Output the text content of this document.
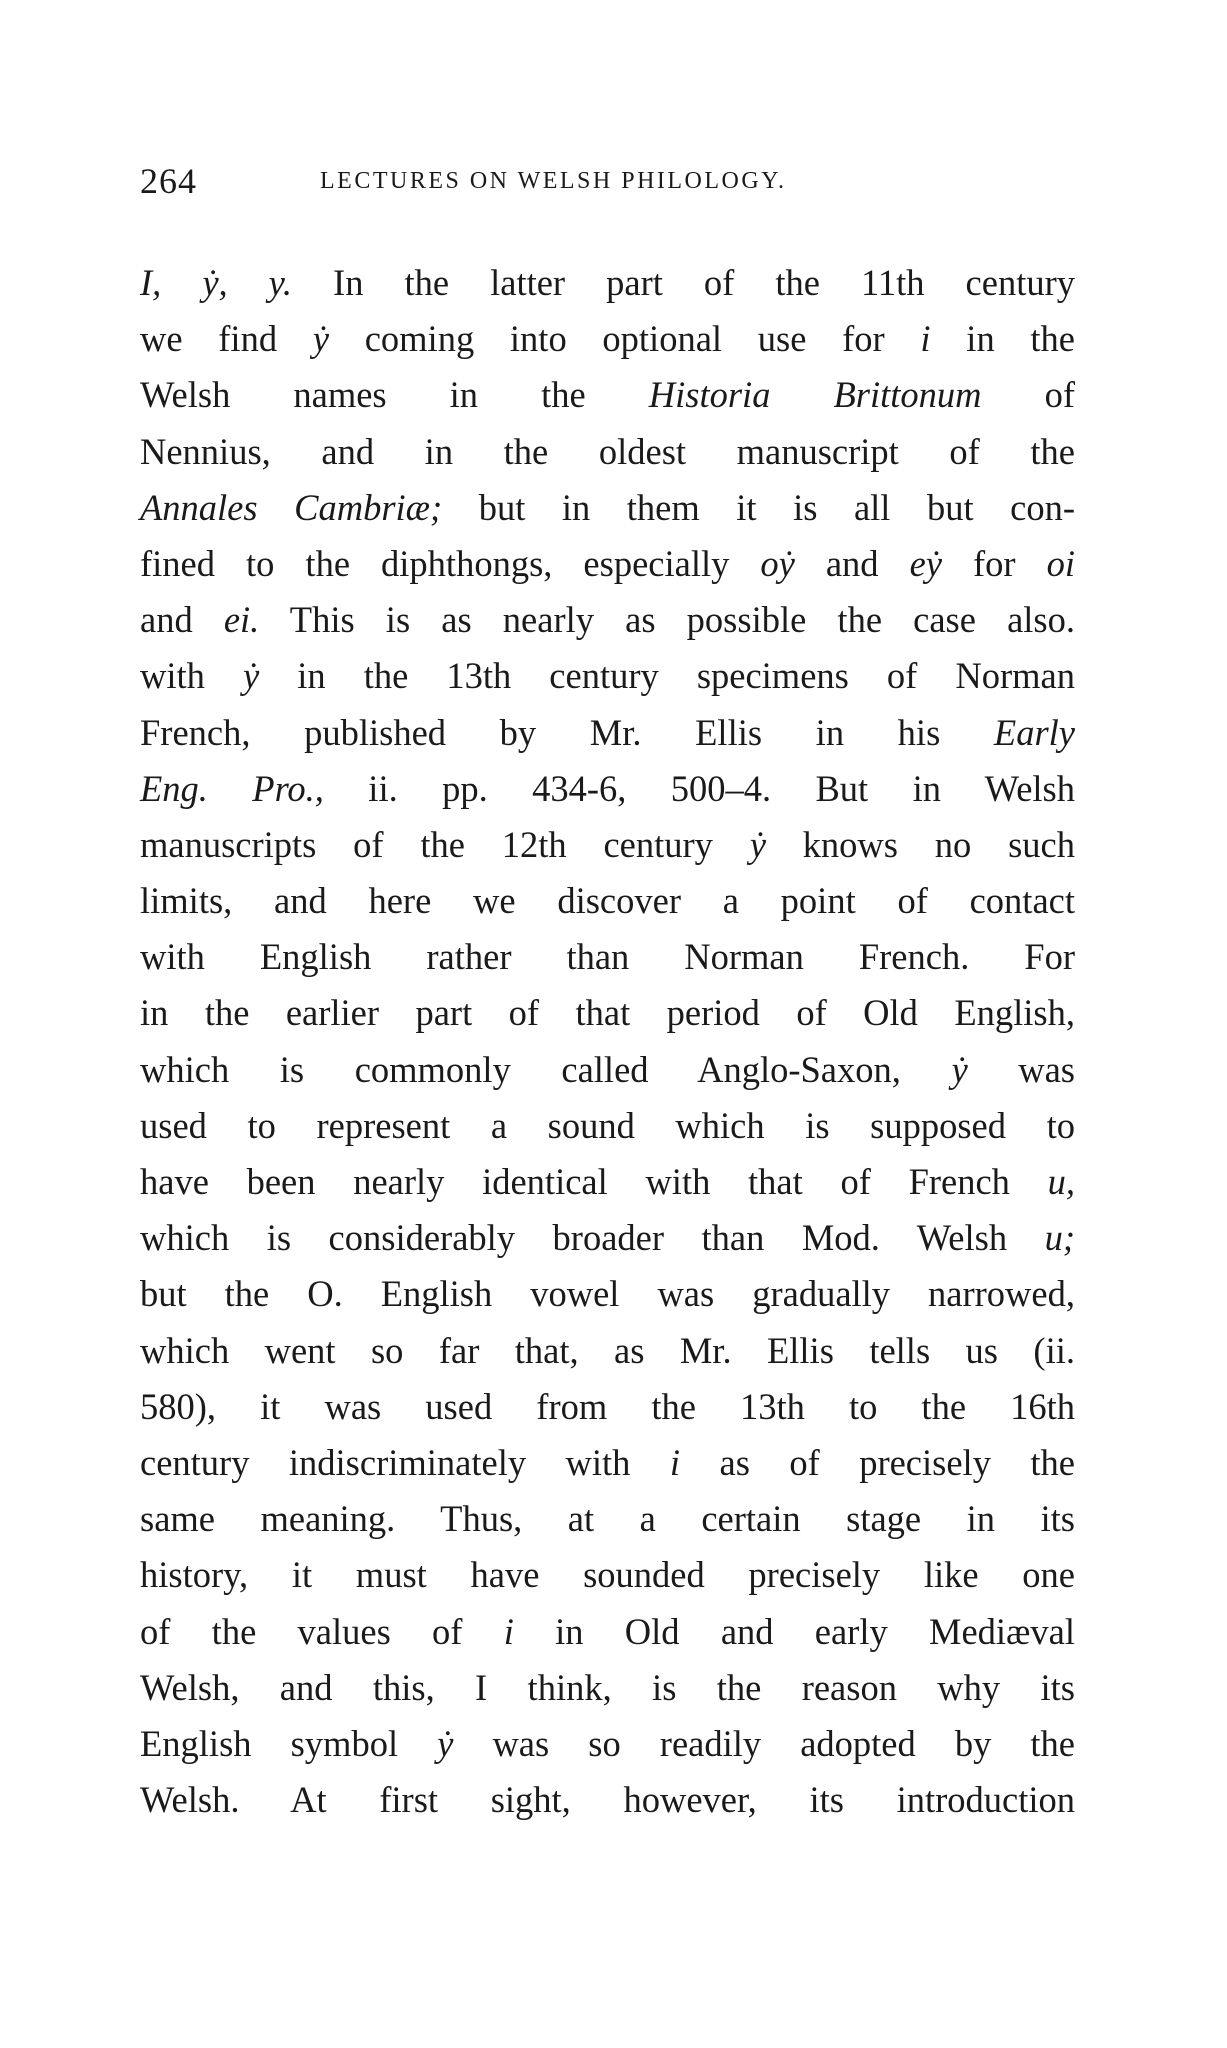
264	LECTURES ON WELSH PHILOLOGY.
I, ẏ, y. In the latter part of the 11th century
we find ẏ coming into optional use for i in the
Welsh names in the Historia Brittonum of
Nennius, and in the oldest manuscript of the
Annales Cambriæ; but in them it is all but con-
fined to the diphthongs, especially oẏ and eẏ for oi
and ei. This is as nearly as possible the case also.
with ẏ in the 13th century specimens of Norman
French, published by Mr. Ellis in his Early
Eng. Pro., ii. pp. 434-6, 500–4. But in Welsh
manuscripts of the 12th century ẏ knows no such
limits, and here we discover a point of contact
with English rather than Norman French. For
in the earlier part of that period of Old English,
which is commonly called Anglo-Saxon, ẏ was
used to represent a sound which is supposed to
have been nearly identical with that of French u,
which is considerably broader than Mod. Welsh u;
but the O. English vowel was gradually narrowed,
which went so far that, as Mr. Ellis tells us (ii.
580), it was used from the 13th to the 16th
century indiscriminately with i as of precisely the
same meaning. Thus, at a certain stage in its
history, it must have sounded precisely like one
of the values of i in Old and early Mediæval
Welsh, and this, I think, is the reason why its
English symbol ẏ was so readily adopted by the
Welsh. At first sight, however, its introduction
